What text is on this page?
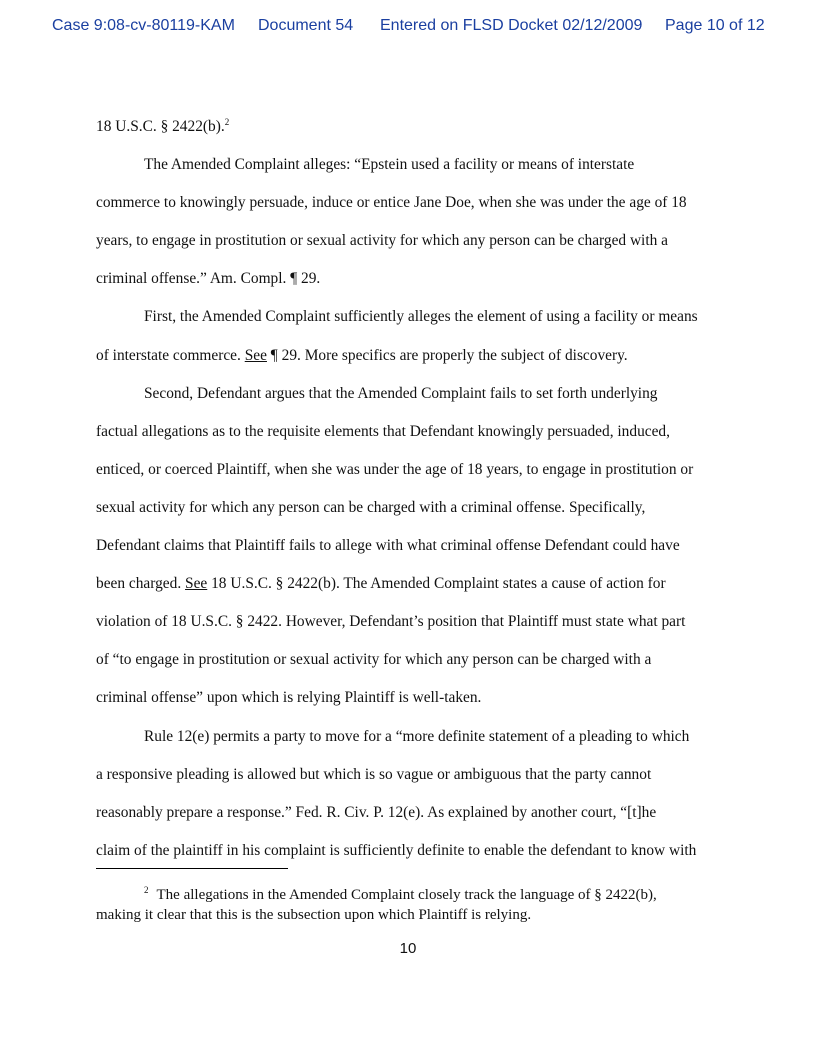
Case 9:08-cv-80119-KAM Document 54 Entered on FLSD Docket 02/12/2009 Page 10 of 12
18 U.S.C. § 2422(b).$^2$
The Amended Complaint alleges: “Epstein used a facility or means of interstate
commerce to knowingly persuade, induce or entice Jane Doe, when she was under the age of 18
years, to engage in prostitution or sexual activity for which any person can be charged with a
criminal offense.” Am. Compl. ¶ 29.
First, the Amended Complaint sufficiently alleges the element of using a facility or means
of interstate commerce. See ¶ 29. More specifics are properly the subject of discovery.
Second, Defendant argues that the Amended Complaint fails to set forth underlying
factual allegations as to the requisite elements that Defendant knowingly persuaded, induced,
enticed, or coerced Plaintiff, when she was under the age of 18 years, to engage in prostitution or
sexual activity for which any person can be charged with a criminal offense. Specifically,
Defendant claims that Plaintiff fails to allege with what criminal offense Defendant could have
been charged. See 18 U.S.C. § 2422(b). The Amended Complaint states a cause of action for
violation of 18 U.S.C. § 2422. However, Defendant’s position that Plaintiff must state what part
of “to engage in prostitution or sexual activity for which any person can be charged with a
criminal offense” upon which is relying Plaintiff is well-taken.
Rule 12(e) permits a party to move for a “more definite statement of a pleading to which
a responsive pleading is allowed but which is so vague or ambiguous that the party cannot
reasonably prepare a response.” Fed. R. Civ. P. 12(e). As explained by another court, “[t]he
claim of the plaintiff in his complaint is sufficiently definite to enable the defendant to know with
$^2$ The allegations in the Amended Complaint closely track the language of § 2422(b),
making it clear that this is the subsection upon which Plaintiff is relying.
10
